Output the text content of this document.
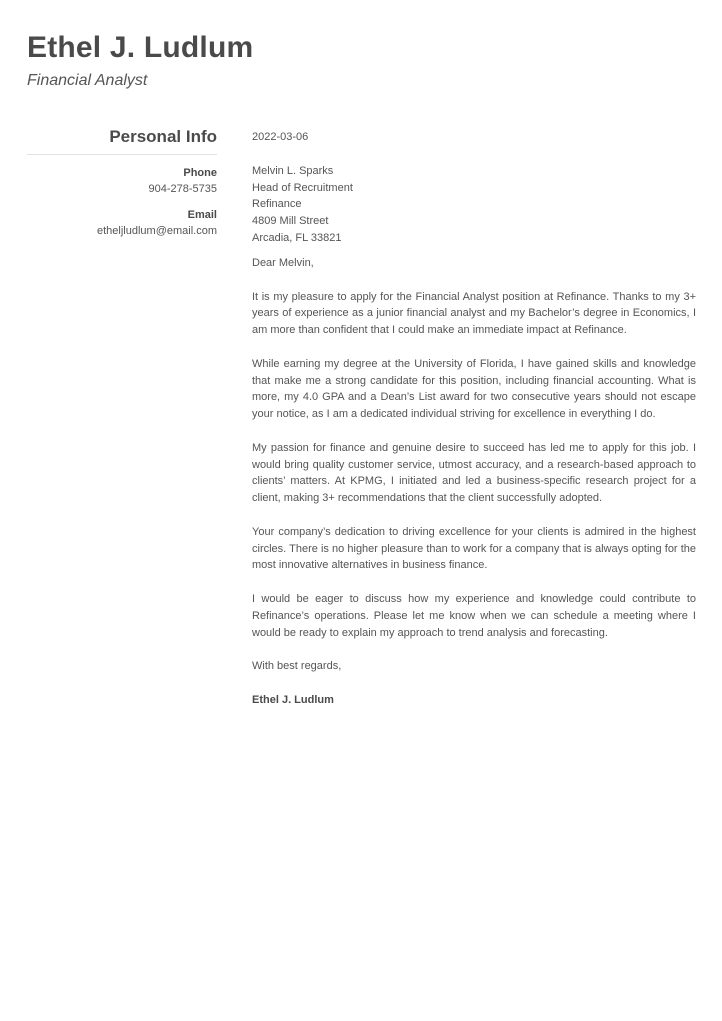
Ethel J. Ludlum
Financial Analyst
Personal Info
Phone
904-278-5735
Email
etheljludlum@email.com
2022-03-06
Melvin L. Sparks
Head of Recruitment
Refinance
4809 Mill Street
Arcadia, FL 33821
Dear Melvin,

It is my pleasure to apply for the Financial Analyst position at Refinance. Thanks to my 3+ years of experience as a junior financial analyst and my Bachelor’s degree in Economics, I am more than confident that I could make an immediate impact at Refinance.

While earning my degree at the University of Florida, I have gained skills and knowledge that make me a strong candidate for this position, including financial accounting. What is more, my 4.0 GPA and a Dean’s List award for two consecutive years should not escape your notice, as I am a dedicated individual striving for excellence in everything I do.

My passion for finance and genuine desire to succeed has led me to apply for this job. I would bring quality customer service, utmost accuracy, and a research-based approach to clients’ matters. At KPMG, I initiated and led a business-specific research project for a client, making 3+ recommendations that the client successfully adopted.

Your company’s dedication to driving excellence for your clients is admired in the highest circles. There is no higher pleasure than to work for a company that is always opting for the most innovative alternatives in business finance.

I would be eager to discuss how my experience and knowledge could contribute to Refinance’s operations. Please let me know when we can schedule a meeting where I would be ready to explain my approach to trend analysis and forecasting.

With best regards,
Ethel J. Ludlum
